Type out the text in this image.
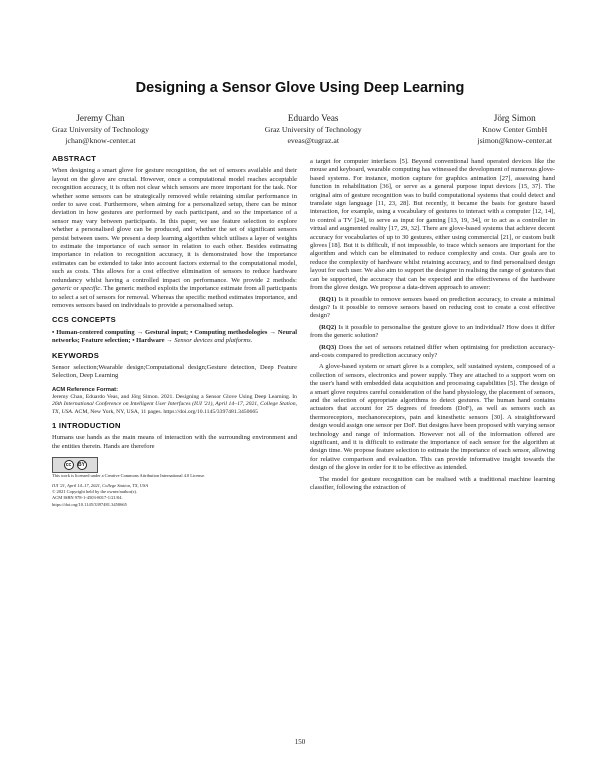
Designing a Sensor Glove Using Deep Learning
Jeremy Chan
Graz University of Technology
jchan@know-center.at
Eduardo Veas
Graz University of Technology
eveas@tugraz.at
Jörg Simon
Know Center GmbH
jsimon@know-center.at
ABSTRACT

When designing a smart glove for gesture recognition, the set of sensors available and their layout on the glove are crucial. However, once a computational model reaches acceptable recognition accuracy, it is often not clear which sensors are more important for the task. Nor whether some sensors can be strategically removed while retaining similar performance in order to save cost. Furthermore, when aiming for a personalized setup, there can be minor deviation in how gestures are performed by each participant, and so the importance of a sensor may vary between participants. In this paper, we use feature selection to explore whether a personalised glove can be produced, and whether the set of significant sensors persist between users. We present a deep learning algorithm which utilises a layer of weights to estimate the importance of each sensor in relation to each other. Besides estimating importance in relation to recognition accuracy, it is demonstrated how the importance estimates can be extended to take into account factors external to the computational model, such as costs. This allows for a cost effective elimination of sensors to reduce hardware redundancy whilst having a controlled impact on performance. We provide 2 methods: generic or specific. The generic method exploits the importance estimate from all participants to select a set of sensors for removal. Whereas the specific method estimates importance, and removes sensors based on individuals to provide a personalised setup.

CCS CONCEPTS

• Human-centered computing → Gestural input; • Computing methodologies → Neural networks; Feature selection; • Hardware → Sensor devices and platforms.

KEYWORDS

Sensor selection;Wearable design;Computational design;Gesture detection, Deep Feature Selection, Deep Learning

ACM Reference Format:

Jeremy Chan, Eduardo Veas, and Jörg Simon. 2021. Designing a Sensor Glove Using Deep Learning. In 26th International Conference on Intelligent User Interfaces (IUI '21), April 14–17, 2021, College Station, TX, USA. ACM, New York, NY, USA, 11 pages. https://doi.org/10.1145/3397481.3450665

1 INTRODUCTION

Humans use hands as the main means of interaction with the surrounding environment and the entities therein. Hands are therefore

cc	BY
This work is licensed under a Creative Commons Attribution International 4.0 License.
IUI '21, April 14–17, 2021, College Station, TX, USA
© 2021 Copyright held by the owner/author(s).
ACM ISBN 978-1-4503-8017-1/21/04.
https://doi.org/10.1145/3397481.3450665

a target for computer interfaces [5]. Beyond conventional hand operated devices like the mouse and keyboard, wearable computing has witnessed the development of numerous glove-based systems. For instance, motion capture for graphics animation [27], assessing hand function in rehabilitation [36], or serve as a general purpose input devices [15, 37]. The original aim of gesture recognition was to build computational systems that could detect and translate sign language [11, 23, 28]. But recently, it became the basis for gesture based interaction, for example, using a vocabulary of gestures to interact with a computer [12, 14], to control a TV [24], to serve as input for gaming [13, 19, 34], or to act as a controller in virtual and augmented reality [17, 29, 32]. There are glove-based systems that achieve decent accuracy for vocabularies of up to 30 gestures, either using commercial [21], or custom built gloves [18]. But it is difficult, if not impossible, to trace which sensors are important for the algorithm and which can be eliminated to reduce complexity and costs. Our goals are to reduce the complexity of hardware whilst retaining accuracy, and to find personalised design layout for each user. We also aim to support the designer in realising the range of gestures that can be supported, the accuracy that can be expected and the effectiveness of the hardware from the glove design. We propose a data-driven approach to answer:

(RQ1) Is it possible to remove sensors based on prediction accuracy, to create a minimal design? Is it possible to remove sensors based on reducing cost to create a cost effective design?

(RQ2) Is it possible to personalise the gesture glove to an individual? How does it differ from the generic solution?

(RQ3) Does the set of sensors retained differ when optimising for prediction accuracy-and-costs compared to prediction accuracy only?

A glove-based system or smart glove is a complex, self sustained system, composed of a collection of sensors, electronics and power supply. They are attached to a support worn on the user's hand with embedded data acquisition and processing capabilities [5]. The design of a smart glove requires careful consideration of the hand physiology, the placement of sensors, and the selection of appropriate algorithms to detect gestures. The human hand contains actuators that account for 25 degrees of freedom (DoF), as well as sensors such as thermoreceptors, mechanoreceptors, pain and kinesthetic sensors [30]. A straightforward design would assign one sensor per DoF. But designs have been proposed with varying sensor technology and range of information. However not all of the information offered are significant, and it is difficult to estimate the importance of each sensor for the algorithm at design time. We propose feature selection to estimate the importance of each sensor, allowing for relative comparison and evaluation. This can provide informative insight towards the design of the glove in order for it to be effective as intended.

The model for gesture recognition can be realised with a traditional machine learning classifier, following the extraction of

150
